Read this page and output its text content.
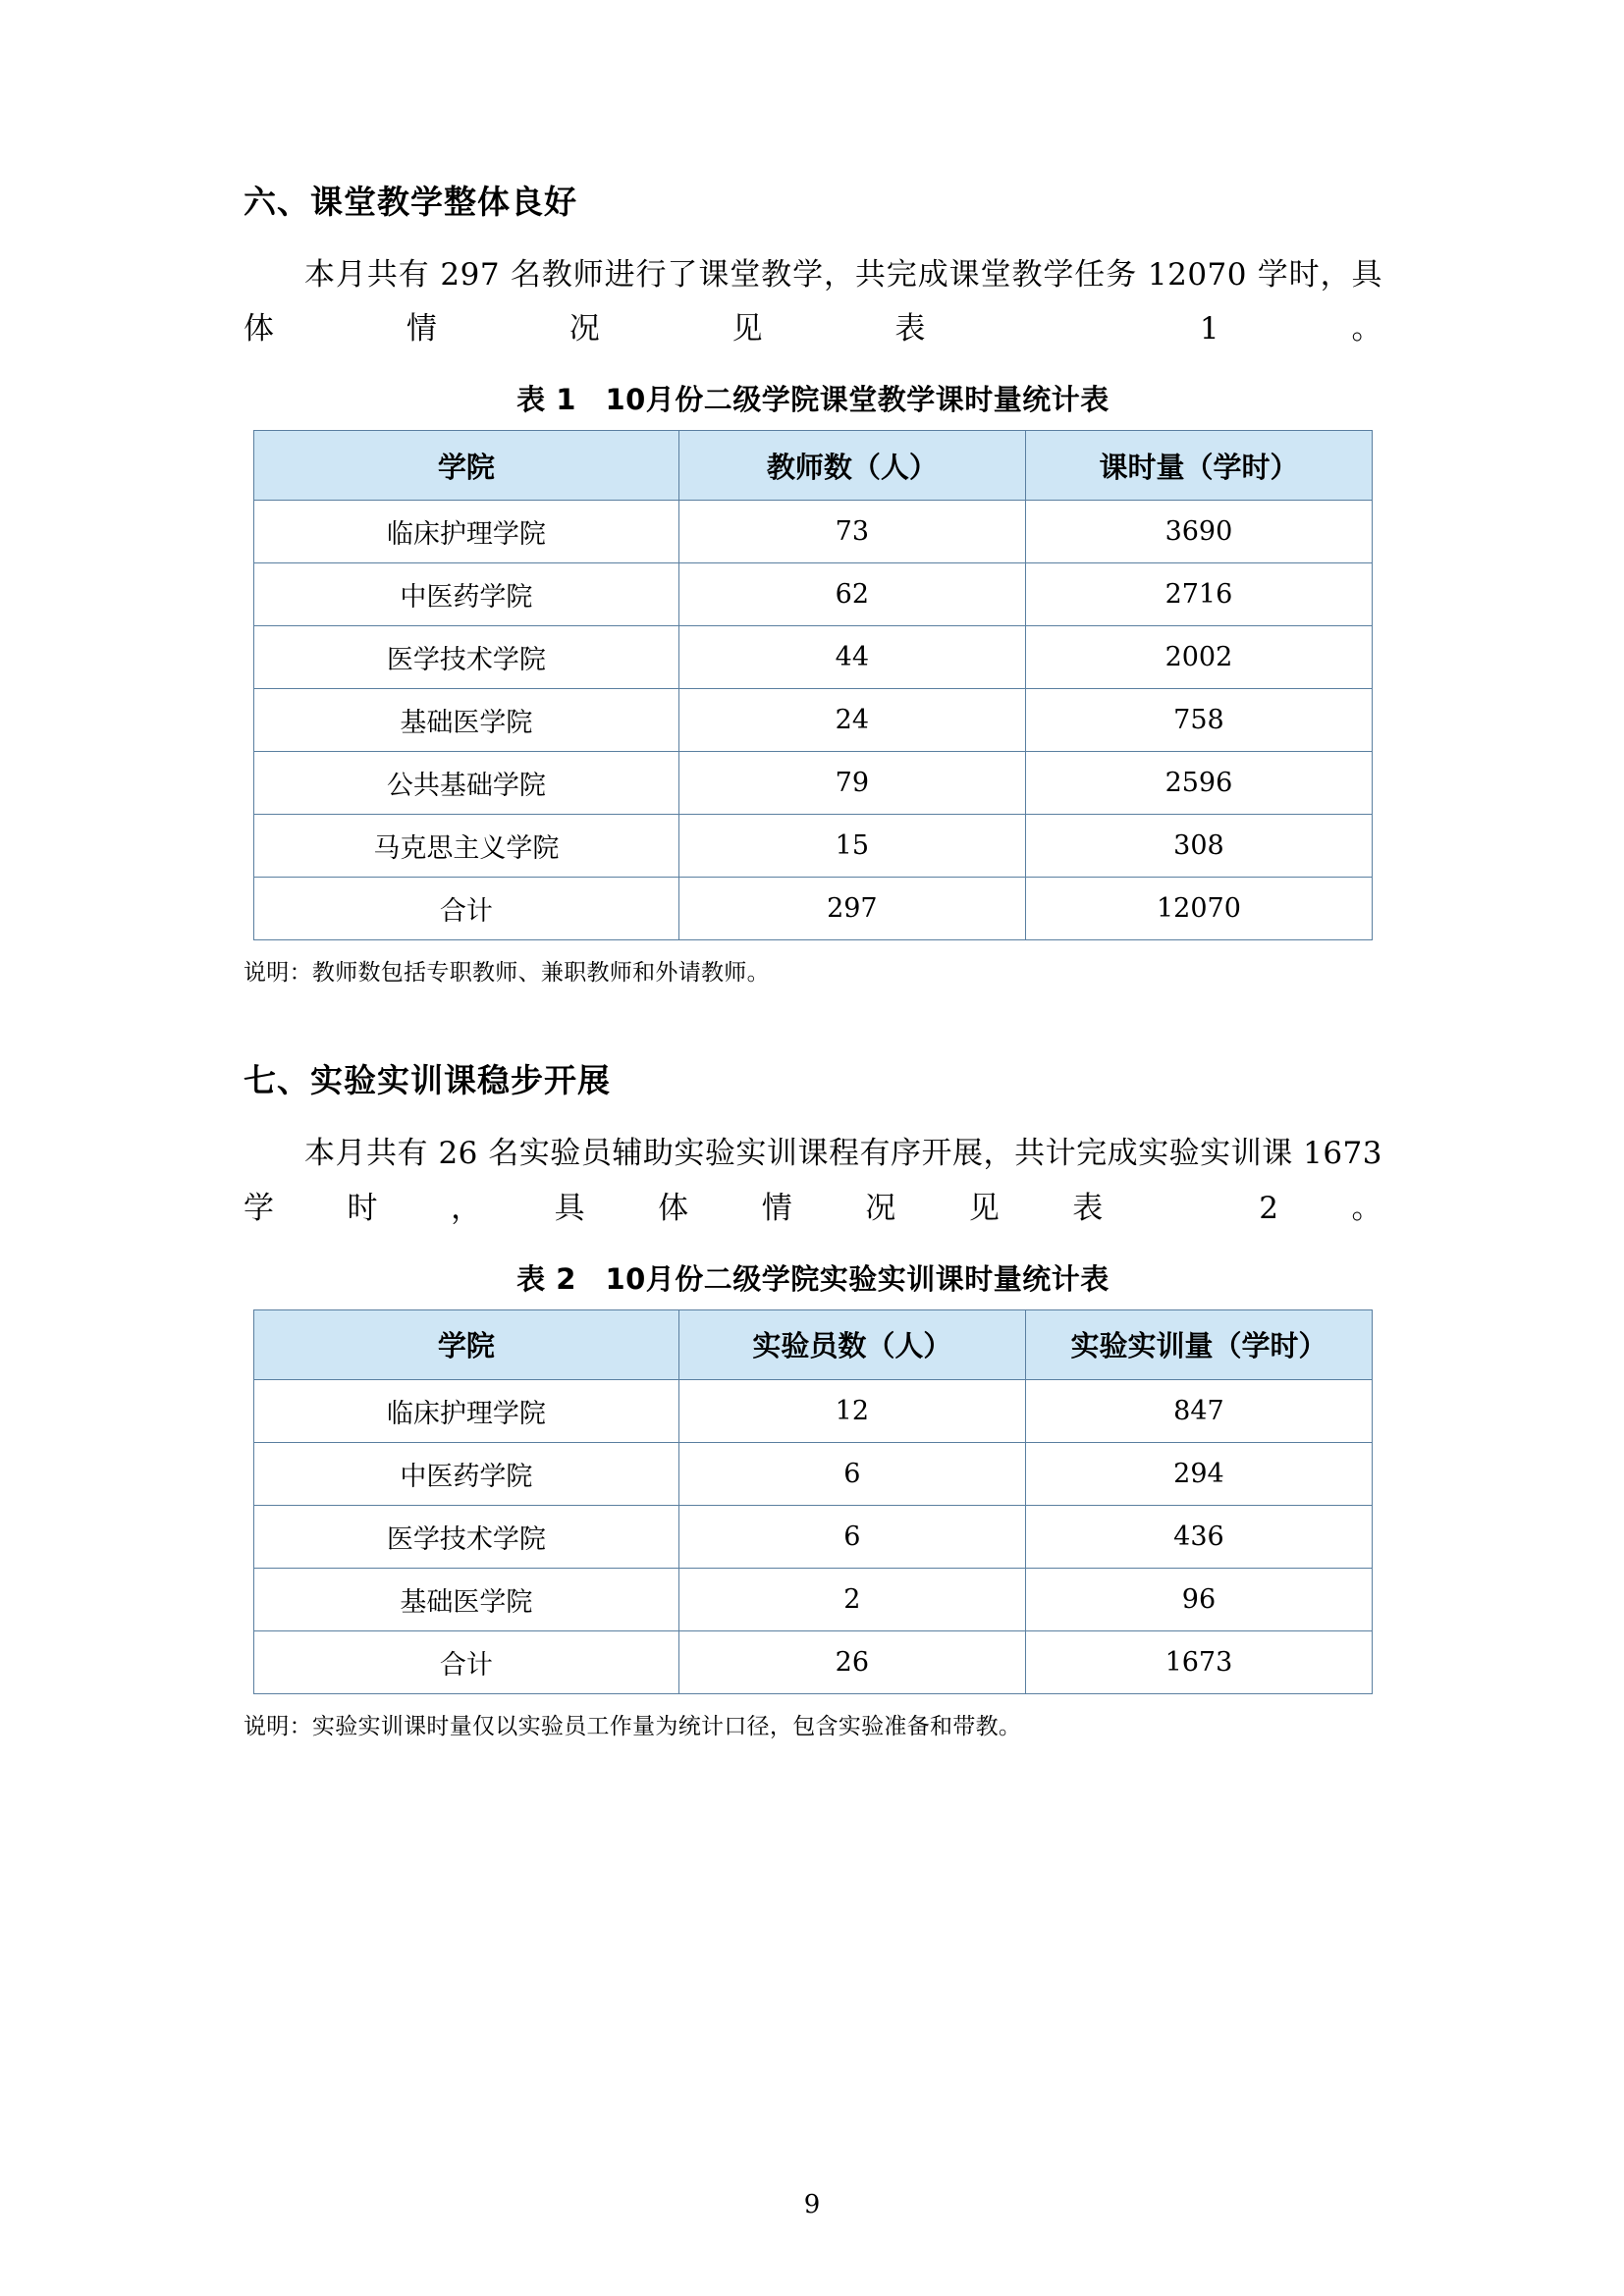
六、课堂教学整体良好

本月共有 297 名教师进行了课堂教学，共完成课堂教学任务 12070 学时，具体情况见表 1。

表 1　10月份二级学院课堂教学课时量统计表
学院	教师数（人）	课时量（学时）
临床护理学院	73	3690
中医药学院	62	2716
医学技术学院	44	2002
基础医学院	24	758
公共基础学院	79	2596
马克思主义学院	15	308
合计	297	12070

说明：教师数包括专职教师、兼职教师和外请教师。

七、实验实训课稳步开展

本月共有 26 名实验员辅助实验实训课程有序开展，共计完成实验实训课 1673 学时，具体情况见表 2。

表 2　10月份二级学院实验实训课时量统计表
学院	实验员数（人）	实验实训量（学时）
临床护理学院	12	847
中医药学院	6	294
医学技术学院	6	436
基础医学院	2	96
合计	26	1673

说明：实验实训课时量仅以实验员工作量为统计口径，包含实验准备和带教。

9
